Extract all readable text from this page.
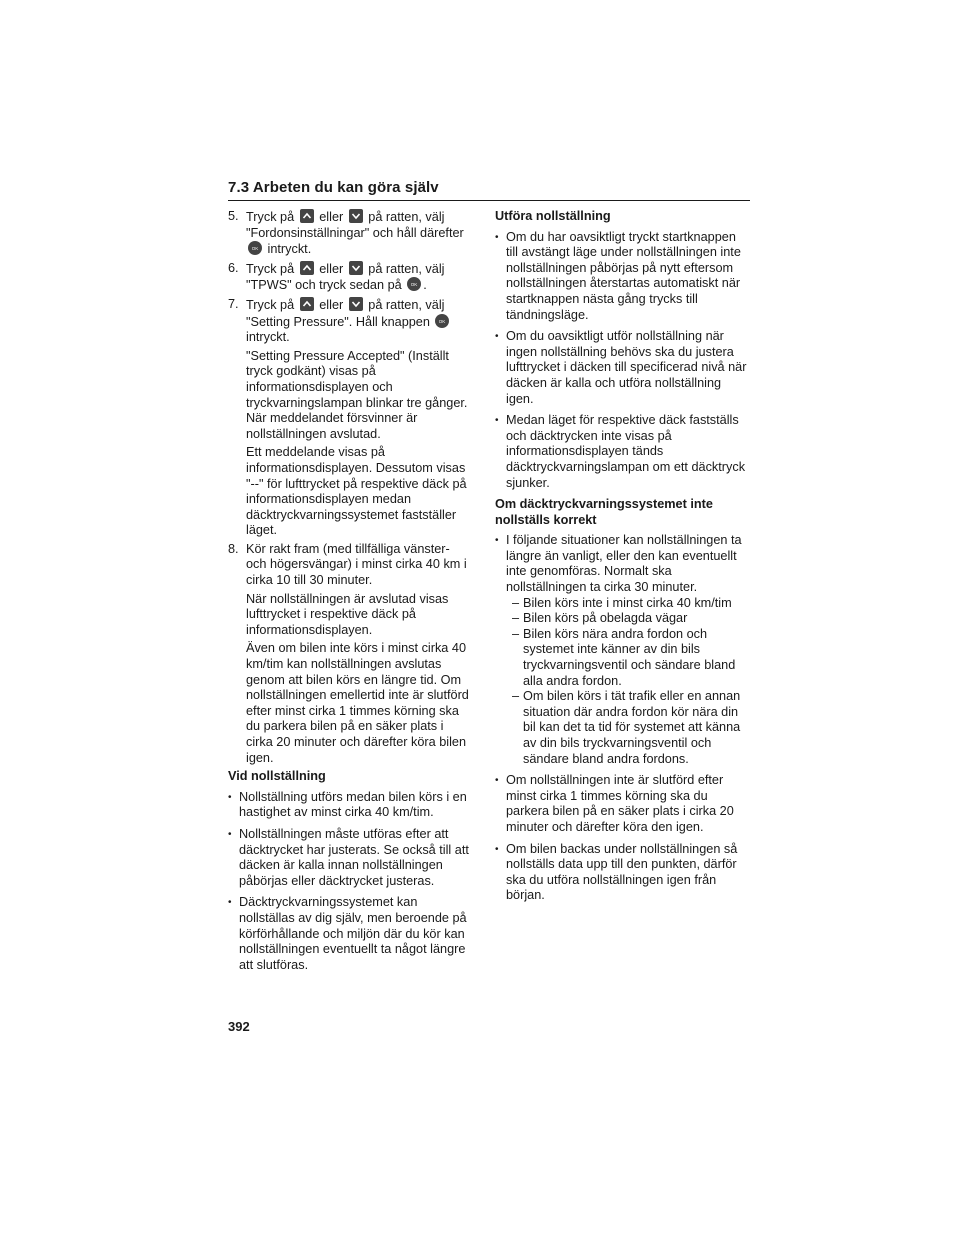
7.3 Arbeten du kan göra själv
5. Tryck på eller på ratten, välj "Fordonsinställningar" och håll därefter
OK intryckt.

6. Tryck på eller på ratten, välj "TPWS" och tryck sedan på OK .

7. Tryck på eller på ratten, välj "Setting Pressure". Håll knappen OK
intryckt.

"Setting Pressure Accepted" (Inställt tryck godkänt) visas på informationsdisplayen och tryckvarningslampan blinkar tre gånger. När meddelandet försvinner är nollställningen avslutad.

Ett meddelande visas på informationsdisplayen. Dessutom visas "--" för lufttrycket på respektive däck på informationsdisplayen medan däcktryckvarningssystemet fastställer läget.

8. Kör rakt fram (med tillfälliga vänster- och högersvängar) i minst cirka 40 km i cirka 10 till 30 minuter.

När nollställningen är avslutad visas lufttrycket i respektive däck på informationsdisplayen.

Även om bilen inte körs i minst cirka 40 km/tim kan nollställningen avslutas genom att bilen körs en längre tid. Om nollställningen emellertid inte är slutförd efter minst cirka 1 timmes körning ska du parkera bilen på en säker plats i cirka 20 minuter och därefter köra bilen igen.

Vid nollställning
• Nollställning utförs medan bilen körs i en hastighet av minst cirka 40 km/tim.
• Nollställningen måste utföras efter att däcktrycket har justerats. Se också till att däcken är kalla innan nollställningen påbörjas eller däcktrycket justeras.
• Däcktryckvarningssystemet kan nollställas av dig själv, men beroende på körförhållande och miljön där du kör kan nollställningen eventuellt ta något längre att slutföras.
Utföra nollställning
• Om du har oavsiktligt tryckt startknappen till avstängt läge under nollställningen inte nollställningen påbörjas på nytt eftersom nollställningen återstartas automatiskt när startknappen nästa gång trycks till tändningsläge.
• Om du oavsiktligt utför nollställning när ingen nollställning behövs ska du justera lufttrycket i däcken till specificerad nivå när däcken är kalla och utföra nollställning igen.
• Medan läget för respektive däck fastställs och däcktrycken inte visas på informationsdisplayen tänds däcktryckvarningslampan om ett däcktryck sjunker.
Om däcktryckvarningssystemet inte nollställs korrekt
• I följande situationer kan nollställningen ta längre än vanligt, eller den kan eventuellt inte genomföras. Normalt ska nollställningen ta cirka 30 minuter.
– Bilen körs inte i minst cirka 40 km/tim
– Bilen körs på obelagda vägar
– Bilen körs nära andra fordon och systemet inte känner av din bils tryckvarningsventil och sändare bland alla andra fordon.
– Om bilen körs i tät trafik eller en annan situation där andra fordon kör nära din bil kan det ta tid för systemet att känna av din bils tryckvarningsventil och sändare bland andra fordons.
• Om nollställningen inte är slutförd efter minst cirka 1 timmes körning ska du parkera bilen på en säker plats i cirka 20 minuter och därefter köra den igen.
• Om bilen backas under nollställningen så nollställs data upp till den punkten, därför ska du utföra nollställningen igen från början.
392
